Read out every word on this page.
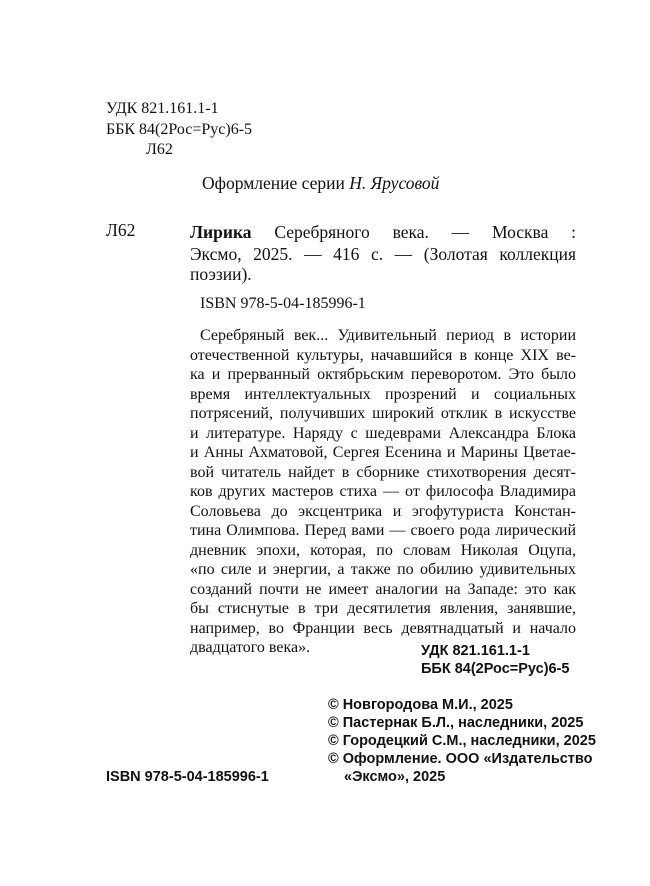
УДК 821.161.1-1
ББК 84(2Рос=Рус)6-5
Л62
Оформление серии Н. Ярусовой
Л62	Лирика Серебряного века. — Москва :
Эксмо, 2025. — 416 с. — (Золотая коллекция
поэзии).
ISBN 978-5-04-185996-1
Серебряный век... Удивительный период в истории
отечественной культуры, начавшийся в конце XIX ве-
ка и прерванный октябрьским переворотом. Это было
время интеллектуальных прозрений и социальных
потрясений, получивших широкий отклик в искусстве
и литературе. Наряду с шедеврами Александра Блока
и Анны Ахматовой, Сергея Есенина и Марины Цветае-
вой читатель найдет в сборнике стихотворения десят-
ков других мастеров стиха — от философа Владимира
Соловьева до эксцентрика и эгофутуриста Констан-
тина Олимпова. Перед вами — своего рода лирический
дневник эпохи, которая, по словам Николая Оцупа,
«по силе и энергии, а также по обилию удивительных
созданий почти не имеет аналогии на Западе: это как
бы стиснутые в три десятилетия явления, занявшие,
например, во Франции весь девятнадцатый и начало
двадцатого века».	УДК 821.161.1-1
ББК 84(2Рос=Рус)6-5
© Новгородова М.И., 2025
© Пастернак Б.Л., наследники, 2025
© Городецкий С.М., наследники, 2025
© Оформление. ООО «Издательство
«Эксмо», 2025
ISBN 978-5-04-185996-1
